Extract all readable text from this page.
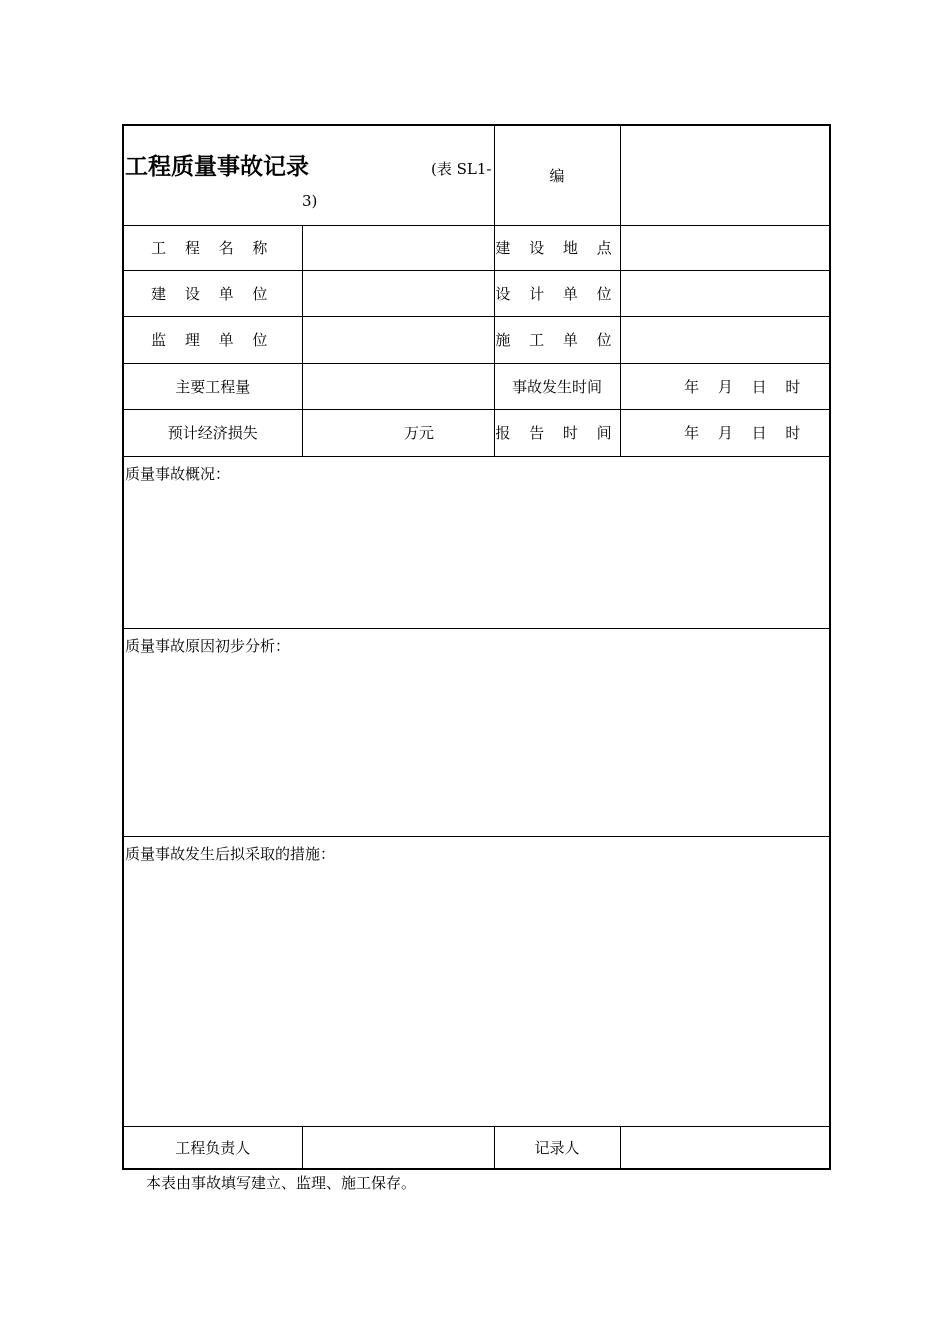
工程质量事故记录 (表 SL1-
3)		编	
工 程 名 称		建 设 地 点	
建 设 单 位		设 计 单 位	
监 理 单 位		施 工 单 位	
主要工程量		事故发生时间	年 月 日 时
预计经济损失	万元	报 告 时 间	年 月 日 时
质量事故概况：			
质量事故原因初步分析：			
质量事故发生后拟采取的措施：			
工程负责人		记录人	
本表由事故填写建立、监理、施工保存。
